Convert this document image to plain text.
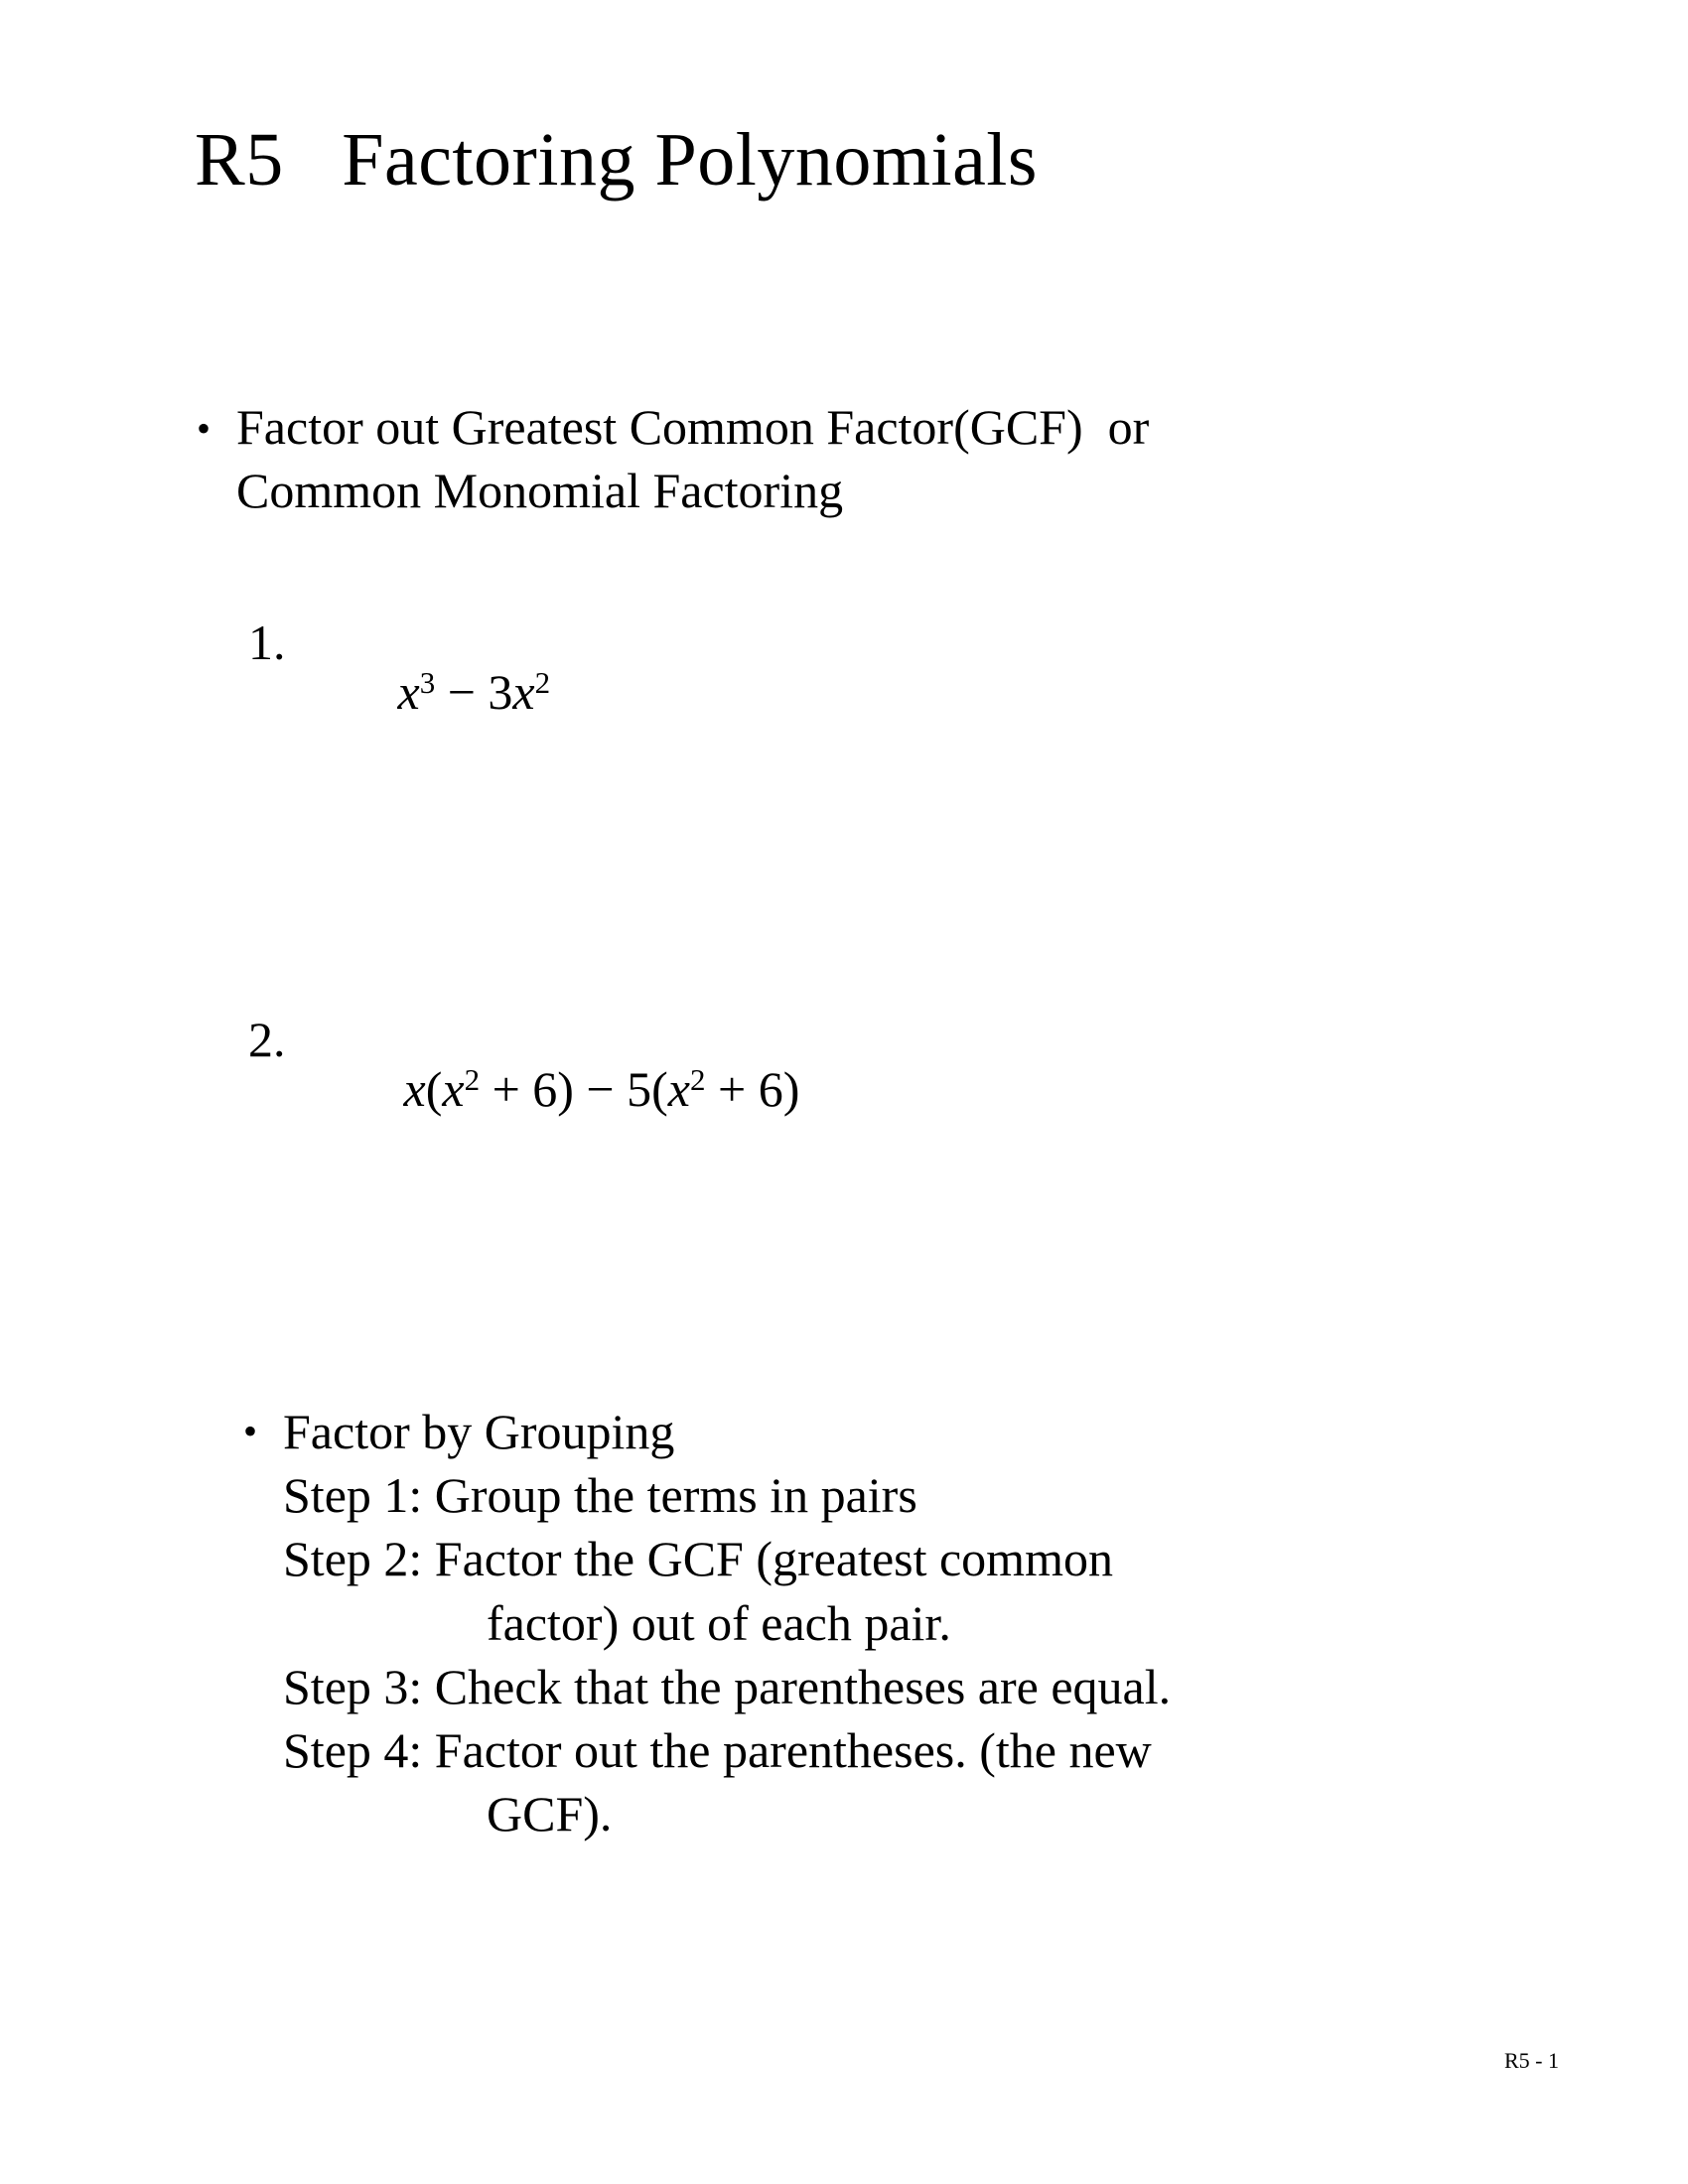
R5   Factoring Polynomials
• Factor out Greatest Common Factor(GCF)  or
Common Monomial Factoring
1.

$x^3 - 3x^2$

2.

$x(x^2 + 6) - 5(x^2 + 6)$

• Factor by Grouping
Step 1: Group the terms in pairs
Step 2: Factor the GCF (greatest common
factor) out of each pair.
Step 3: Check that the parentheses are equal.
Step 4: Factor out the parentheses. (the new
GCF).
R5 - 1
